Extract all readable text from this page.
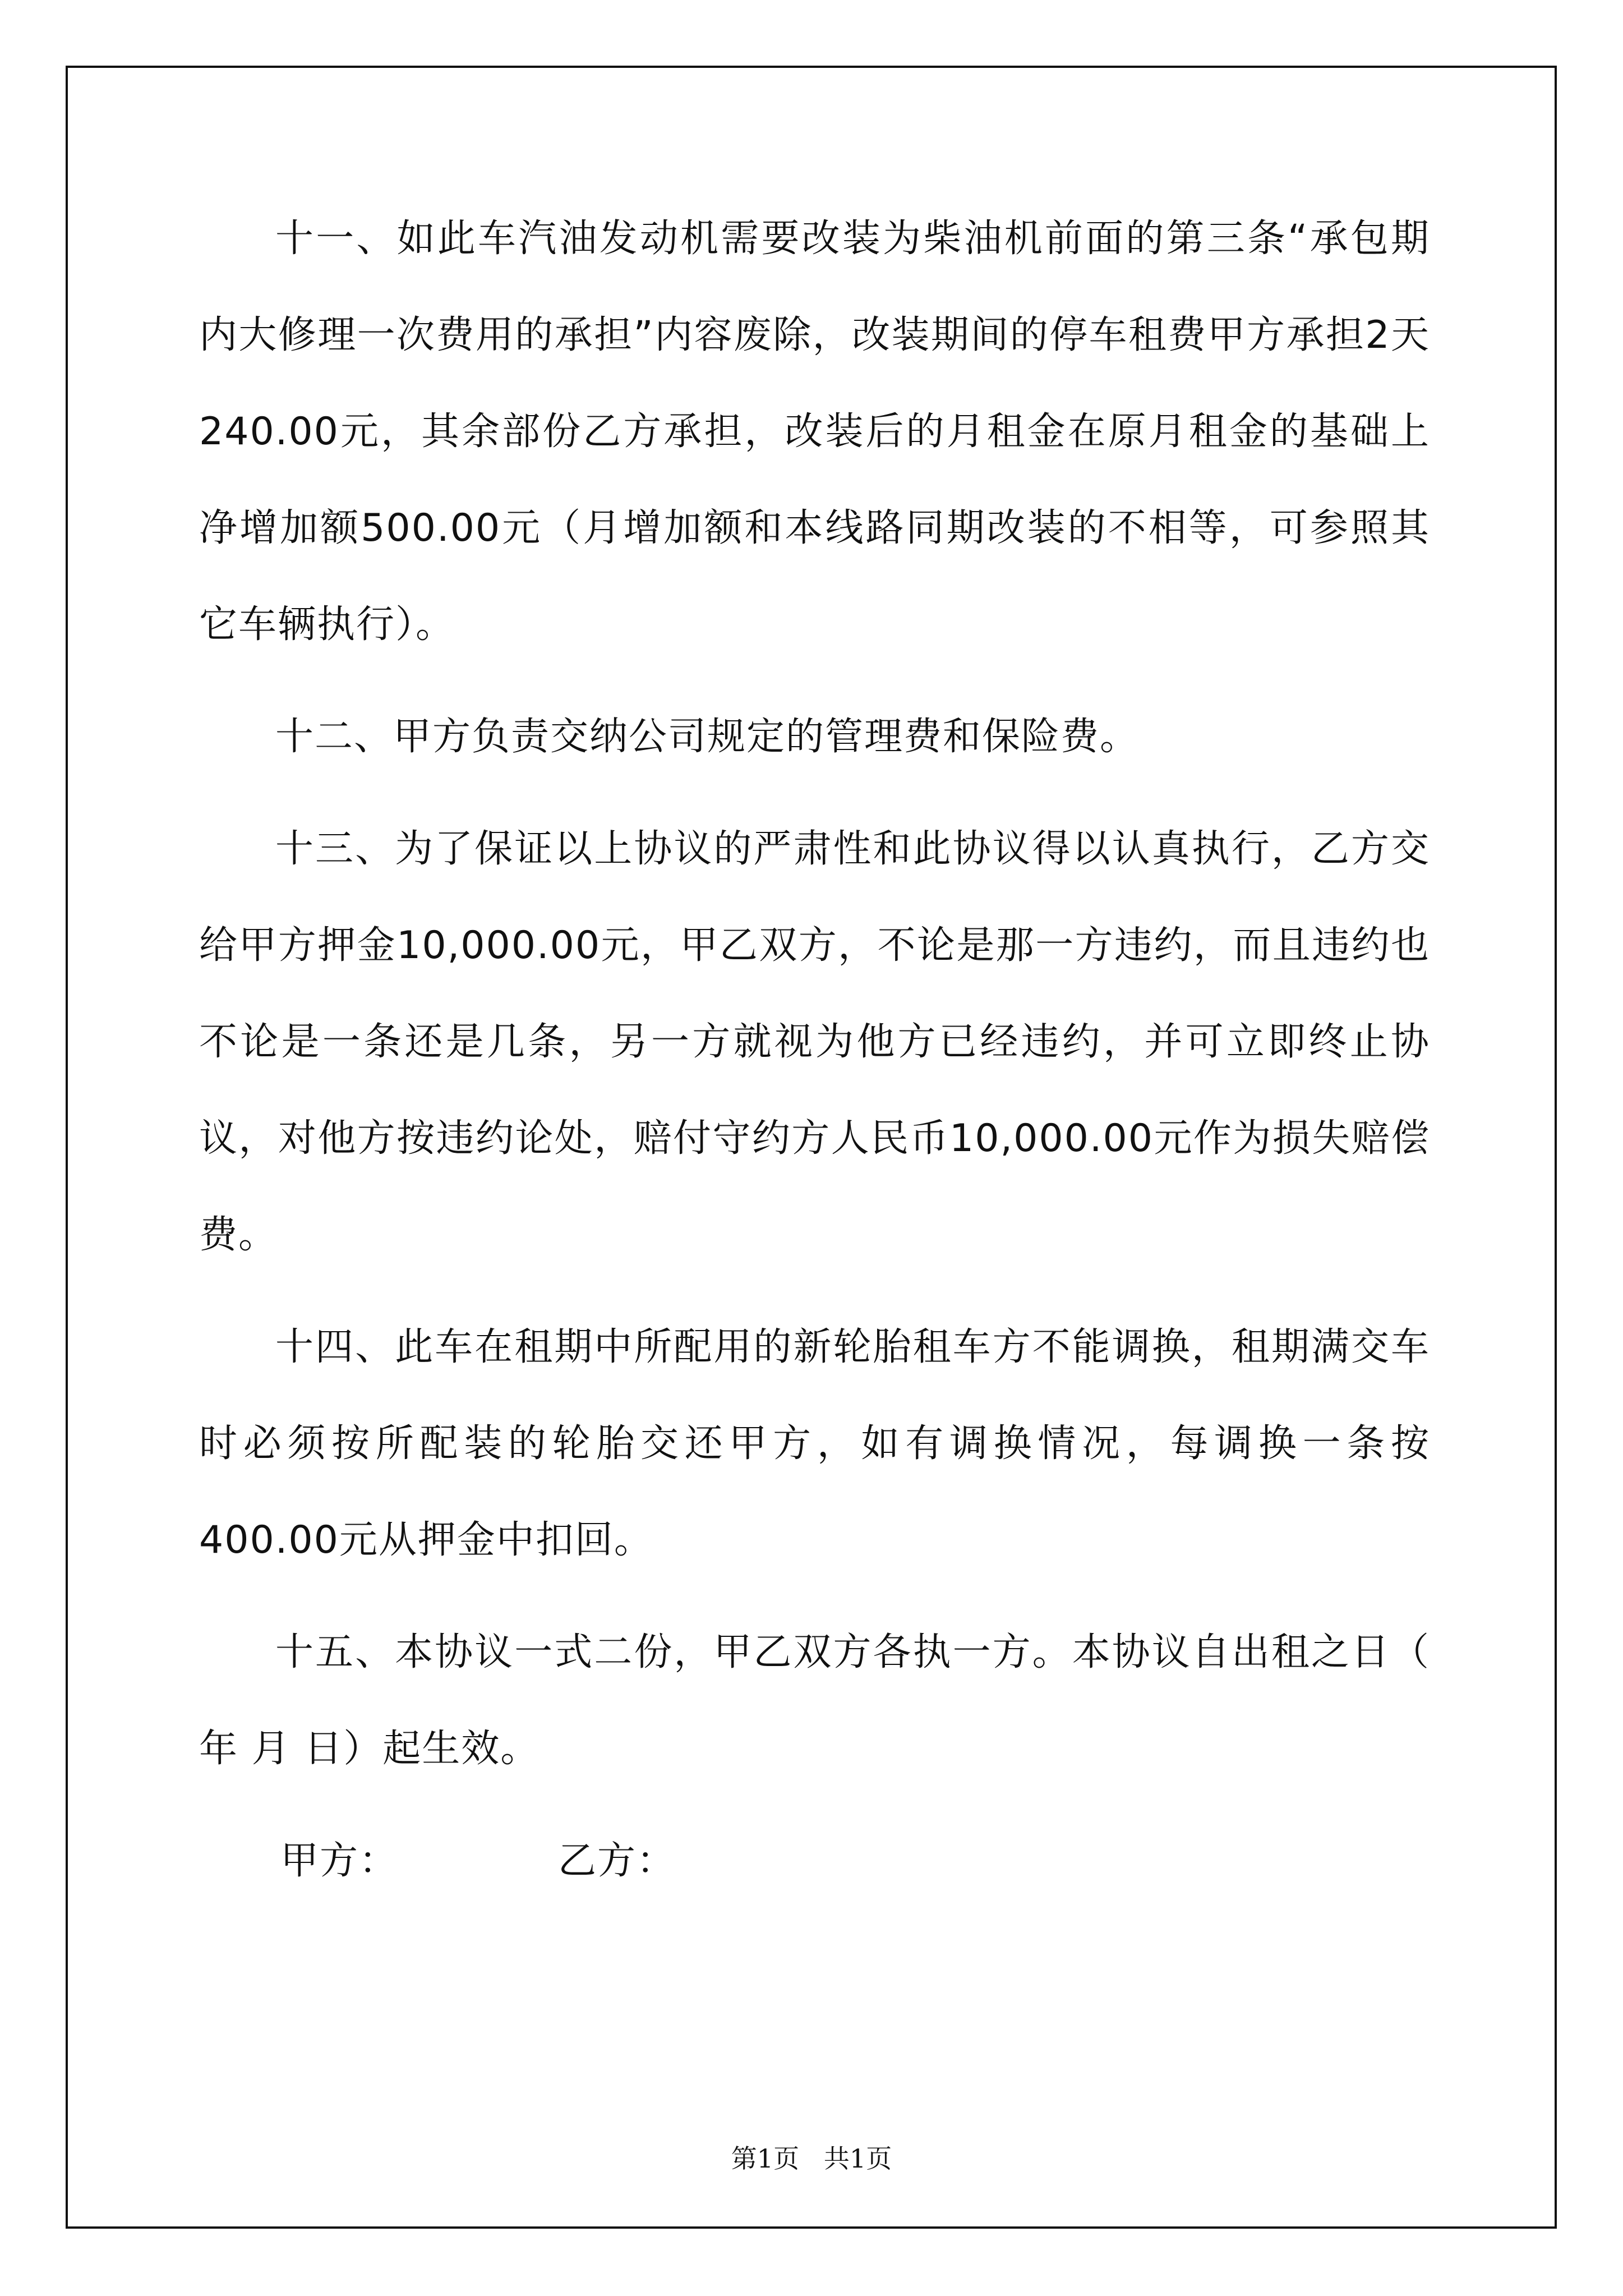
十一、如此车汽油发动机需要改装为柴油机前面的第三条“承包期内大修理一次费用的承担”内容废除，改装期间的停车租费甲方承担2天240.00元，其余部份乙方承担，改装后的月租金在原月租金的基础上净增加额500.00元（月增加额和本线路同期改装的不相等，可参照其它车辆执行）。

十二、甲方负责交纳公司规定的管理费和保险费。

十三、为了保证以上协议的严肃性和此协议得以认真执行，乙方交给甲方押金10,000.00元，甲乙双方，不论是那一方违约，而且违约也不论是一条还是几条，另一方就视为他方已经违约，并可立即终止协议，对他方按违约论处，赔付守约方人民币10,000.00元作为损失赔偿费。

十四、此车在租期中所配用的新轮胎租车方不能调换，租期满交车时必须按所配装的轮胎交还甲方，如有调换情况，每调换一条按400.00元从押金中扣回。

十五、本协议一式二份，甲乙双方各执一方。本协议自出租之日（ 年 月 日）起生效。

甲方：	乙方：
第1页   共1页
